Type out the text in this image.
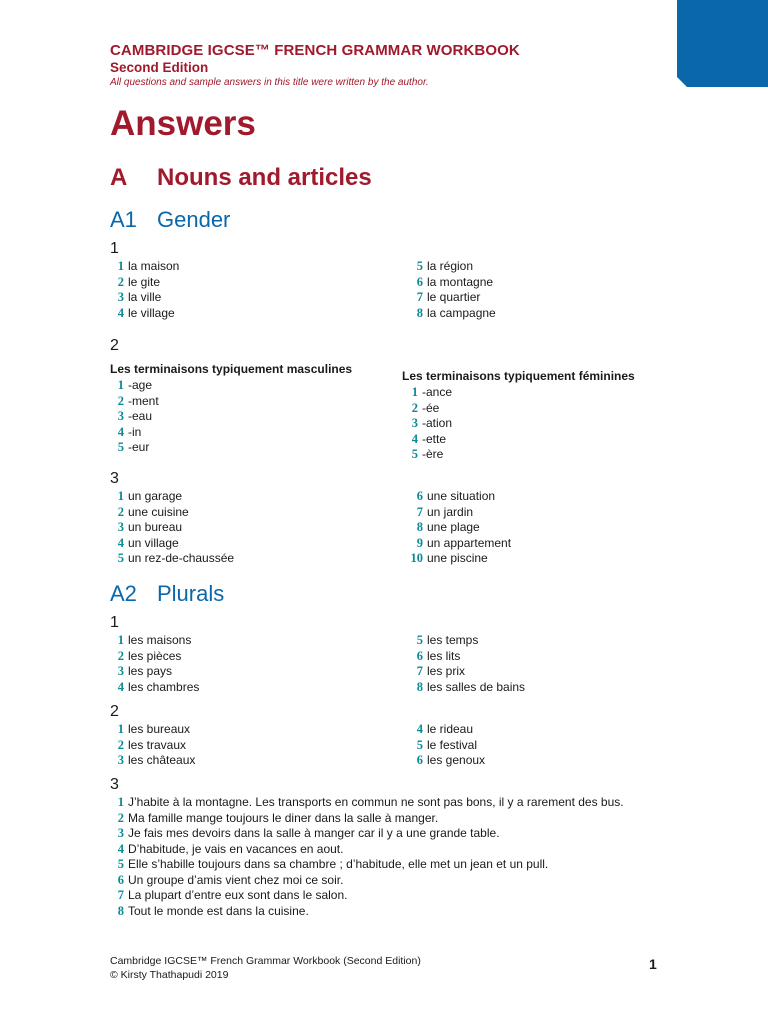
CAMBRIDGE IGCSE™ FRENCH GRAMMAR WORKBOOK
Second Edition
All questions and sample answers in this title were written by the author.
Answers
A Nouns and articles
A1 Gender
1
1 la maison
2 le gite
3 la ville
4 le village
5 la région
6 la montagne
7 le quartier
8 la campagne
2
Les terminaisons typiquement masculines
1 -age
2 -ment
3 -eau
4 -in
5 -eur
Les terminaisons typiquement féminines
1 -ance
2 -ée
3 -ation
4 -ette
5 -ère
3
1 un garage
2 une cuisine
3 un bureau
4 un village
5 un rez-de-chaussée
6 une situation
7 un jardin
8 une plage
9 un appartement
10 une piscine
A2 Plurals
1
1 les maisons
2 les pièces
3 les pays
4 les chambres
5 les temps
6 les lits
7 les prix
8 les salles de bains
2
1 les bureaux
2 les travaux
3 les châteaux
4 le rideau
5 le festival
6 les genoux
3
1 J’habite à la montagne. Les transports en commun ne sont pas bons, il y a rarement des bus.
2 Ma famille mange toujours le diner dans la salle à manger.
3 Je fais mes devoirs dans la salle à manger car il y a une grande table.
4 D’habitude, je vais en vacances en aout.
5 Elle s’habille toujours dans sa chambre ; d’habitude, elle met un jean et un pull.
6 Un groupe d’amis vient chez moi ce soir.
7 La plupart d’entre eux sont dans le salon.
8 Tout le monde est dans la cuisine.
Cambridge IGCSE™ French Grammar Workbook (Second Edition)
© Kirsty Thathapudi 2019
1
